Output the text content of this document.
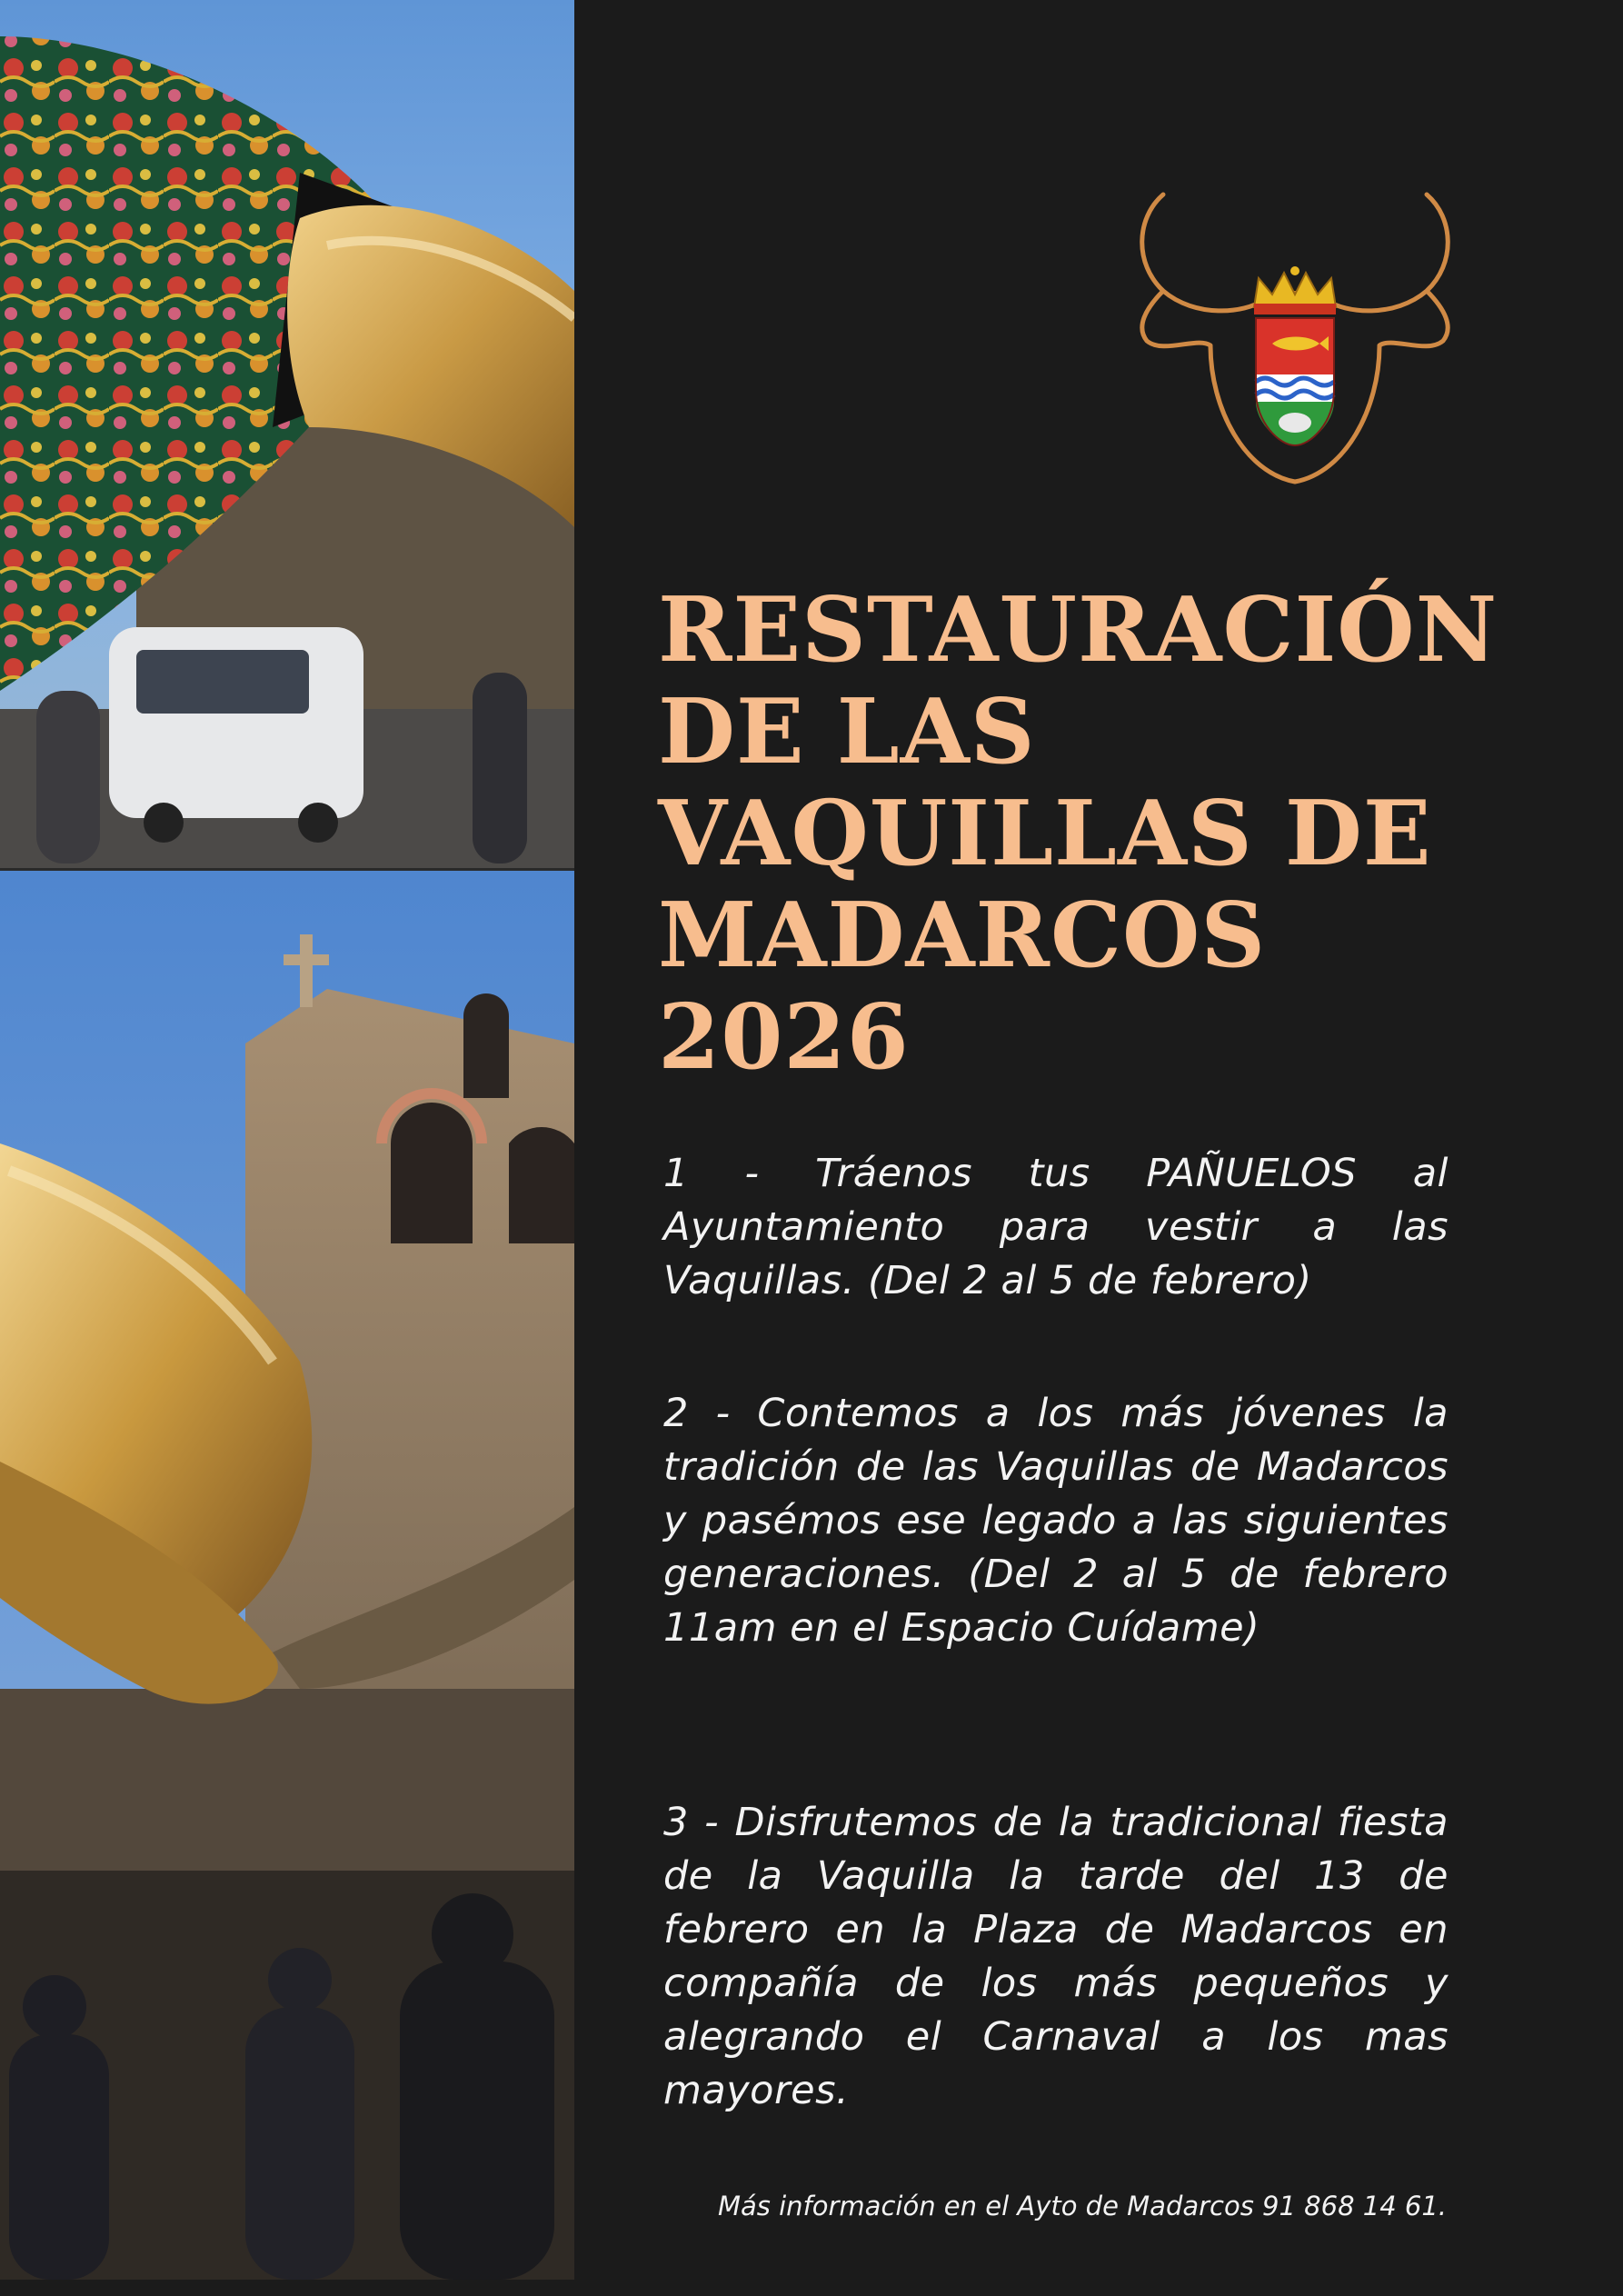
RESTAURACIÓN
DE LAS
VAQUILLAS DE
MADARCOS
2026

1 - Tráenos tus PAÑUELOS al Ayuntamiento para vestir a las Vaquillas. (Del 2 al 5 de febrero)

2 - Contemos a los más jóvenes la tradición de las Vaquillas de Madarcos y pasémos ese legado a las siguientes generaciones. (Del 2 al 5 de febrero 11am en el Espacio Cuídame)

3 - Disfrutemos de la tradicional fiesta de la Vaquilla la tarde del 13 de febrero en la Plaza de Madarcos en compañía de los más pequeños y alegrando el Carnaval a los mas mayores.

Más información en el Ayto de Madarcos 91 868 14 61.
